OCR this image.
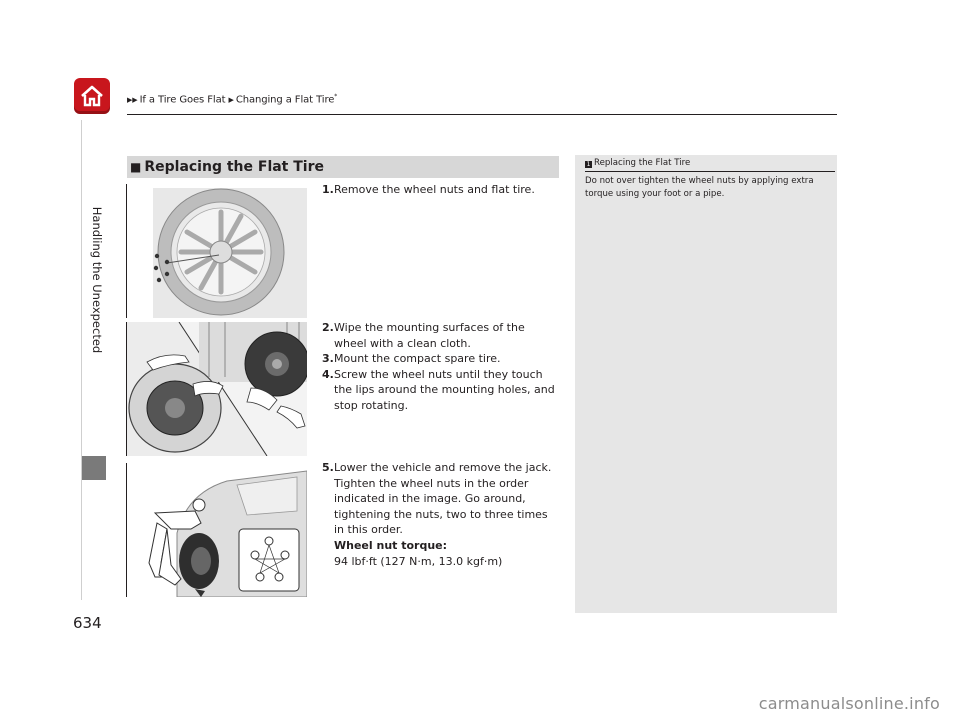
▶▶ If a Tire Goes Flat ▶ Changing a Flat Tire*
Handling the Unexpected
■ Replacing the Flat Tire
1. Remove the wheel nuts and flat tire.
2. Wipe the mounting surfaces of the wheel with a clean cloth.
3. Mount the compact spare tire.
4. Screw the wheel nuts until they touch the lips around the mounting holes, and stop rotating.
5. Lower the vehicle and remove the jack. Tighten the wheel nuts in the order indicated in the image. Go around, tightening the nuts, two to three times in this order.
Wheel nut torque:
94 lbf·ft (127 N·m, 13.0 kgf·m)
1 Replacing the Flat Tire
Do not over tighten the wheel nuts by applying extra torque using your foot or a pipe.
634
carmanualsonline.info
